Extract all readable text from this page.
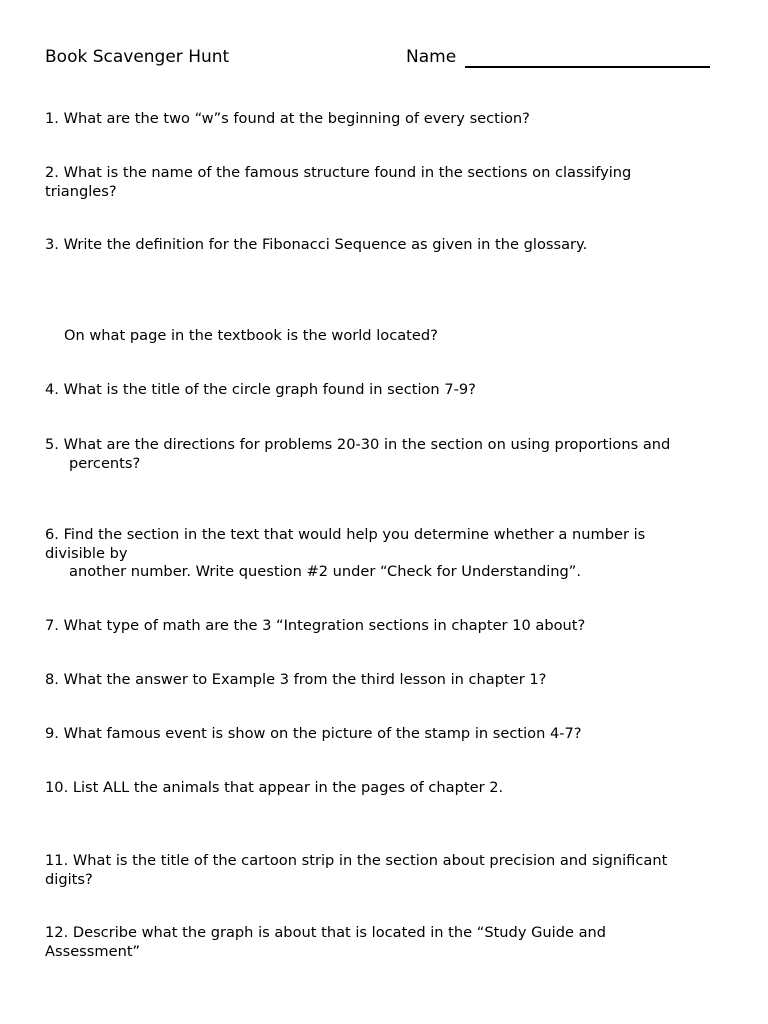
Book Scavenger Hunt	Name
1. What are the two “w”s found at the beginning of every section?
2. What is the name of the famous structure found in the sections on classifying
triangles?
3. Write the definition for the Fibonacci Sequence as given in the glossary.
On what page in the textbook is the world located?
4. What is the title of the circle graph found in section 7-9?
5. What are the directions for problems 20-30 in the section on using proportions and
percents?
6. Find the section in the text that would help you determine whether a number is
divisible by
another number. Write question #2 under “Check for Understanding”.
7. What type of math are the 3 “Integration sections in chapter 10 about?
8. What the answer to Example 3 from the third lesson in chapter 1?
9. What famous event is show on the picture of the stamp in section 4-7?
10. List ALL the animals that appear in the pages of chapter 2.
11. What is the title of the cartoon strip in the section about precision and significant
digits?
12. Describe what the graph is about that is located in the “Study Guide and
Assessment”
